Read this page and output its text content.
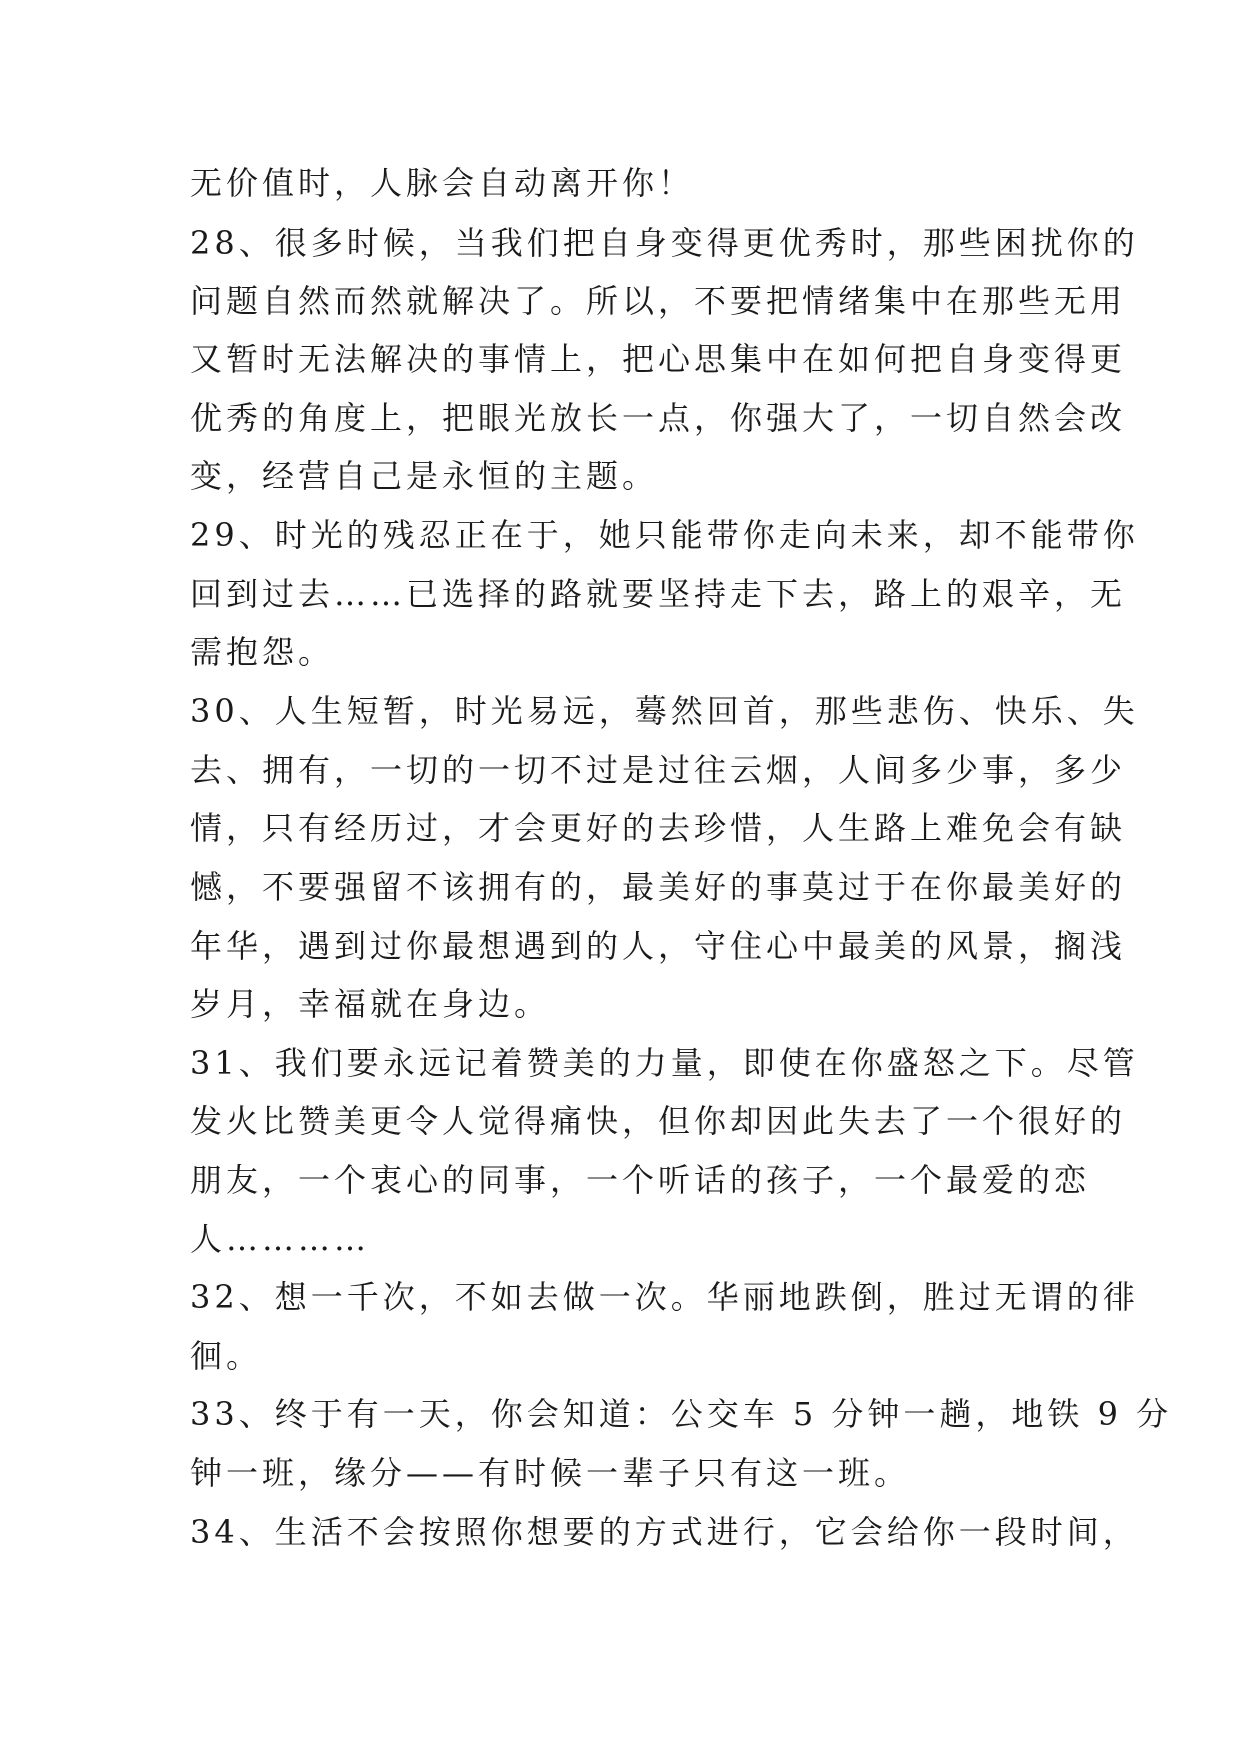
无价值时，人脉会自动离开你！

28、很多时候，当我们把自身变得更优秀时，那些困扰你的

问题自然而然就解决了。所以，不要把情绪集中在那些无用

又暂时无法解决的事情上，把心思集中在如何把自身变得更

优秀的角度上，把眼光放长一点，你强大了，一切自然会改

变，经营自己是永恒的主题。

29、时光的残忍正在于，她只能带你走向未来，却不能带你

回到过去……已选择的路就要坚持走下去，路上的艰辛，无

需抱怨。

30、人生短暂，时光易远，蓦然回首，那些悲伤、快乐、失

去、拥有，一切的一切不过是过往云烟，人间多少事，多少

情，只有经历过，才会更好的去珍惜，人生路上难免会有缺

憾，不要强留不该拥有的，最美好的事莫过于在你最美好的

年华，遇到过你最想遇到的人，守住心中最美的风景，搁浅

岁月，幸福就在身边。

31、我们要永远记着赞美的力量，即使在你盛怒之下。尽管

发火比赞美更令人觉得痛快，但你却因此失去了一个很好的

朋友，一个衷心的同事，一个听话的孩子，一个最爱的恋

人…………

32、想一千次，不如去做一次。华丽地跌倒，胜过无谓的徘

徊。

33、终于有一天，你会知道：公交车 5 分钟一趟，地铁 9 分

钟一班，缘分——有时候一辈子只有这一班。

34、生活不会按照你想要的方式进行，它会给你一段时间，
